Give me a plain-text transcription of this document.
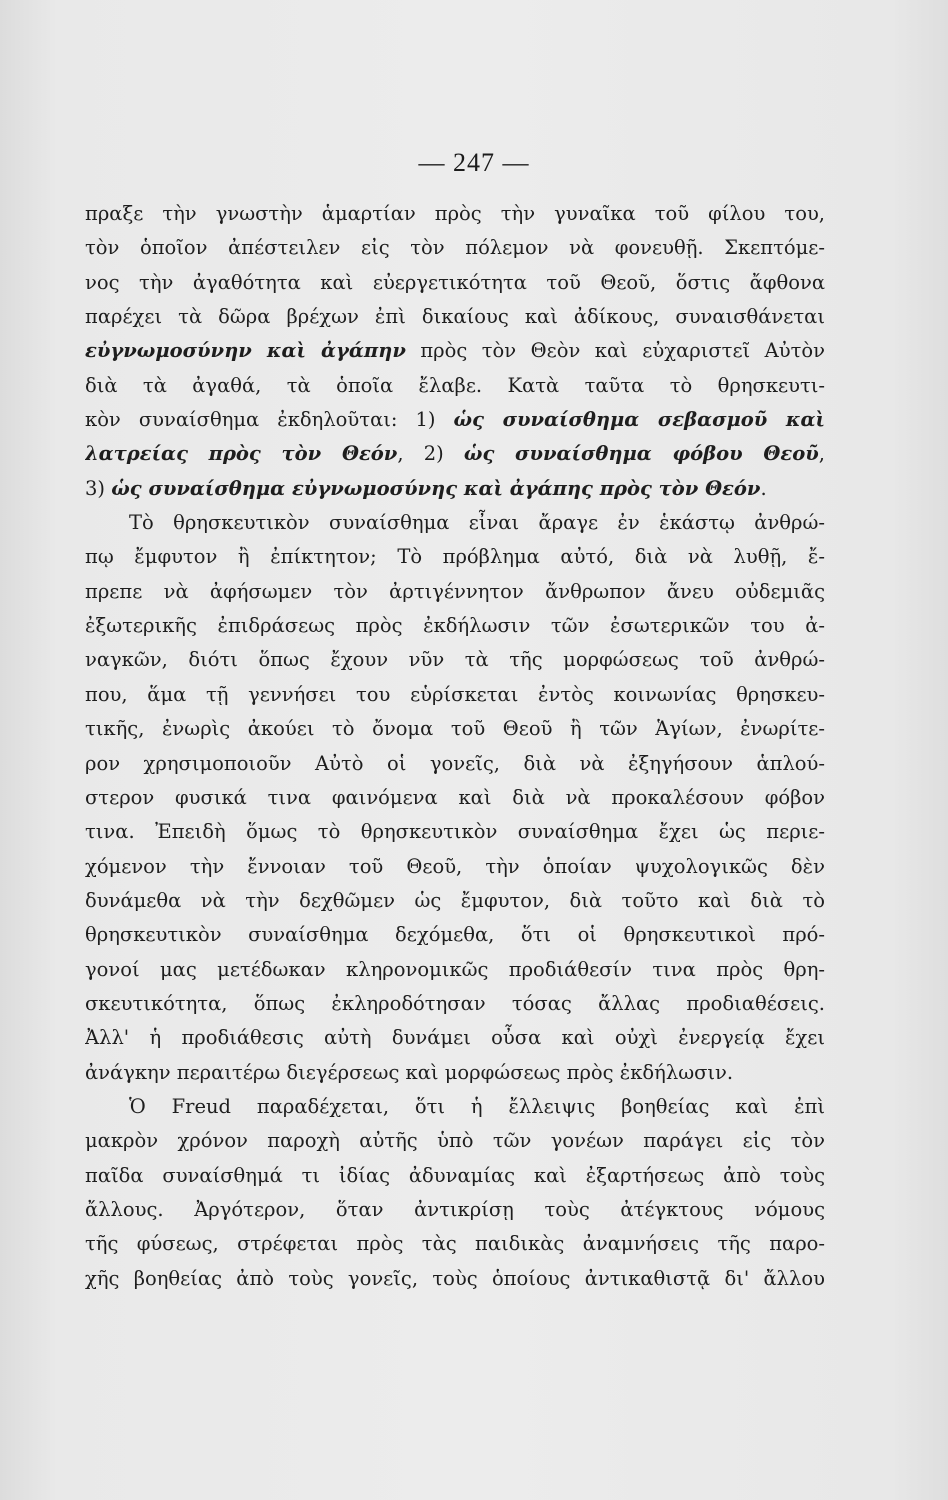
— 247 —
πραξε τὴν γνωστὴν ἁμαρτίαν πρὸς τὴν γυναῖκα τοῦ φίλου του,
τὸν ὁποῖον ἀπέστειλεν εἰς τὸν πόλεμον νὰ φονευθῇ. Σκεπτόμε-
νος τὴν ἀγαθότητα καὶ εὐεργετικότητα τοῦ Θεοῦ, ὅστις ἄφθονα
παρέχει τὰ δῶρα βρέχων ἐπὶ δικαίους καὶ ἀδίκους, συναισθάνεται
εὐγνωμοσύνην καὶ ἀγάπην πρὸς τὸν Θεὸν καὶ εὐχαριστεῖ Αὐτὸν
διὰ τὰ ἀγαθά, τὰ ὁποῖα ἔλαβε. Κατὰ ταῦτα τὸ θρησκευτι-
κὸν συναίσθημα ἐκδηλοῦται: 1) ὡς συναίσθημα σεβασμοῦ καὶ
λατρείας πρὸς τὸν Θεόν, 2) ὡς συναίσθημα φόβου Θεοῦ,
3) ὡς συναίσθημα εὐγνωμοσύνης καὶ ἀγάπης πρὸς τὸν Θεόν.
Τὸ θρησκευτικὸν συναίσθημα εἶναι ἄραγε ἐν ἑκάστῳ ἀνθρώ-
πῳ ἔμφυτον ἢ ἐπίκτητον; Τὸ πρόβλημα αὐτό, διὰ νὰ λυθῇ, ἔ-
πρεπε νὰ ἀφήσωμεν τὸν ἀρτιγέννητον ἄνθρωπον ἄνευ οὐδεμιᾶς
ἐξωτερικῆς ἐπιδράσεως πρὸς ἐκδήλωσιν τῶν ἐσωτερικῶν του ἀ-
ναγκῶν, διότι ὅπως ἔχουν νῦν τὰ τῆς μορφώσεως τοῦ ἀνθρώ-
που, ἅμα τῇ γεννήσει του εὑρίσκεται ἐντὸς κοινωνίας θρησκευ-
τικῆς, ἐνωρὶς ἀκούει τὸ ὄνομα τοῦ Θεοῦ ἢ τῶν Ἁγίων, ἐνωρίτε-
ρον χρησιμοποιοῦν Αὐτὸ οἱ γονεῖς, διὰ νὰ ἐξηγήσουν ἁπλού-
στερον φυσικά τινα φαινόμενα καὶ διὰ νὰ προκαλέσουν φόβον
τινα. Ἐπειδὴ ὅμως τὸ θρησκευτικὸν συναίσθημα ἔχει ὡς περιε-
χόμενον τὴν ἔννοιαν τοῦ Θεοῦ, τὴν ὁποίαν ψυχολογικῶς δὲν
δυνάμεθα νὰ τὴν δεχθῶμεν ὡς ἔμφυτον, διὰ τοῦτο καὶ διὰ τὸ
θρησκευτικὸν συναίσθημα δεχόμεθα, ὅτι οἱ θρησκευτικοὶ πρό-
γονοί μας μετέδωκαν κληρονομικῶς προδιάθεσίν τινα πρὸς θρη-
σκευτικότητα, ὅπως ἐκληροδότησαν τόσας ἄλλας προδιαθέσεις.
Ἀλλ' ἡ προδιάθεσις αὐτὴ δυνάμει οὖσα καὶ οὐχὶ ἐνεργείᾳ ἔχει
ἀνάγκην περαιτέρω διεγέρσεως καὶ μορφώσεως πρὸς ἐκδήλωσιν.
Ὁ Freud παραδέχεται, ὅτι ἡ ἔλλειψις βοηθείας καὶ ἐπὶ
μακρὸν χρόνον παροχὴ αὐτῆς ὑπὸ τῶν γονέων παράγει εἰς τὸν
παῖδα συναίσθημά τι ἰδίας ἀδυναμίας καὶ ἐξαρτήσεως ἀπὸ τοὺς
ἄλλους. Ἀργότερον, ὅταν ἀντικρίσῃ τοὺς ἀτέγκτους νόμους
τῆς φύσεως, στρέφεται πρὸς τὰς παιδικὰς ἀναμνήσεις τῆς παρο-
χῆς βοηθείας ἀπὸ τοὺς γονεῖς, τοὺς ὁποίους ἀντικαθιστᾷ δι' ἄλλου
